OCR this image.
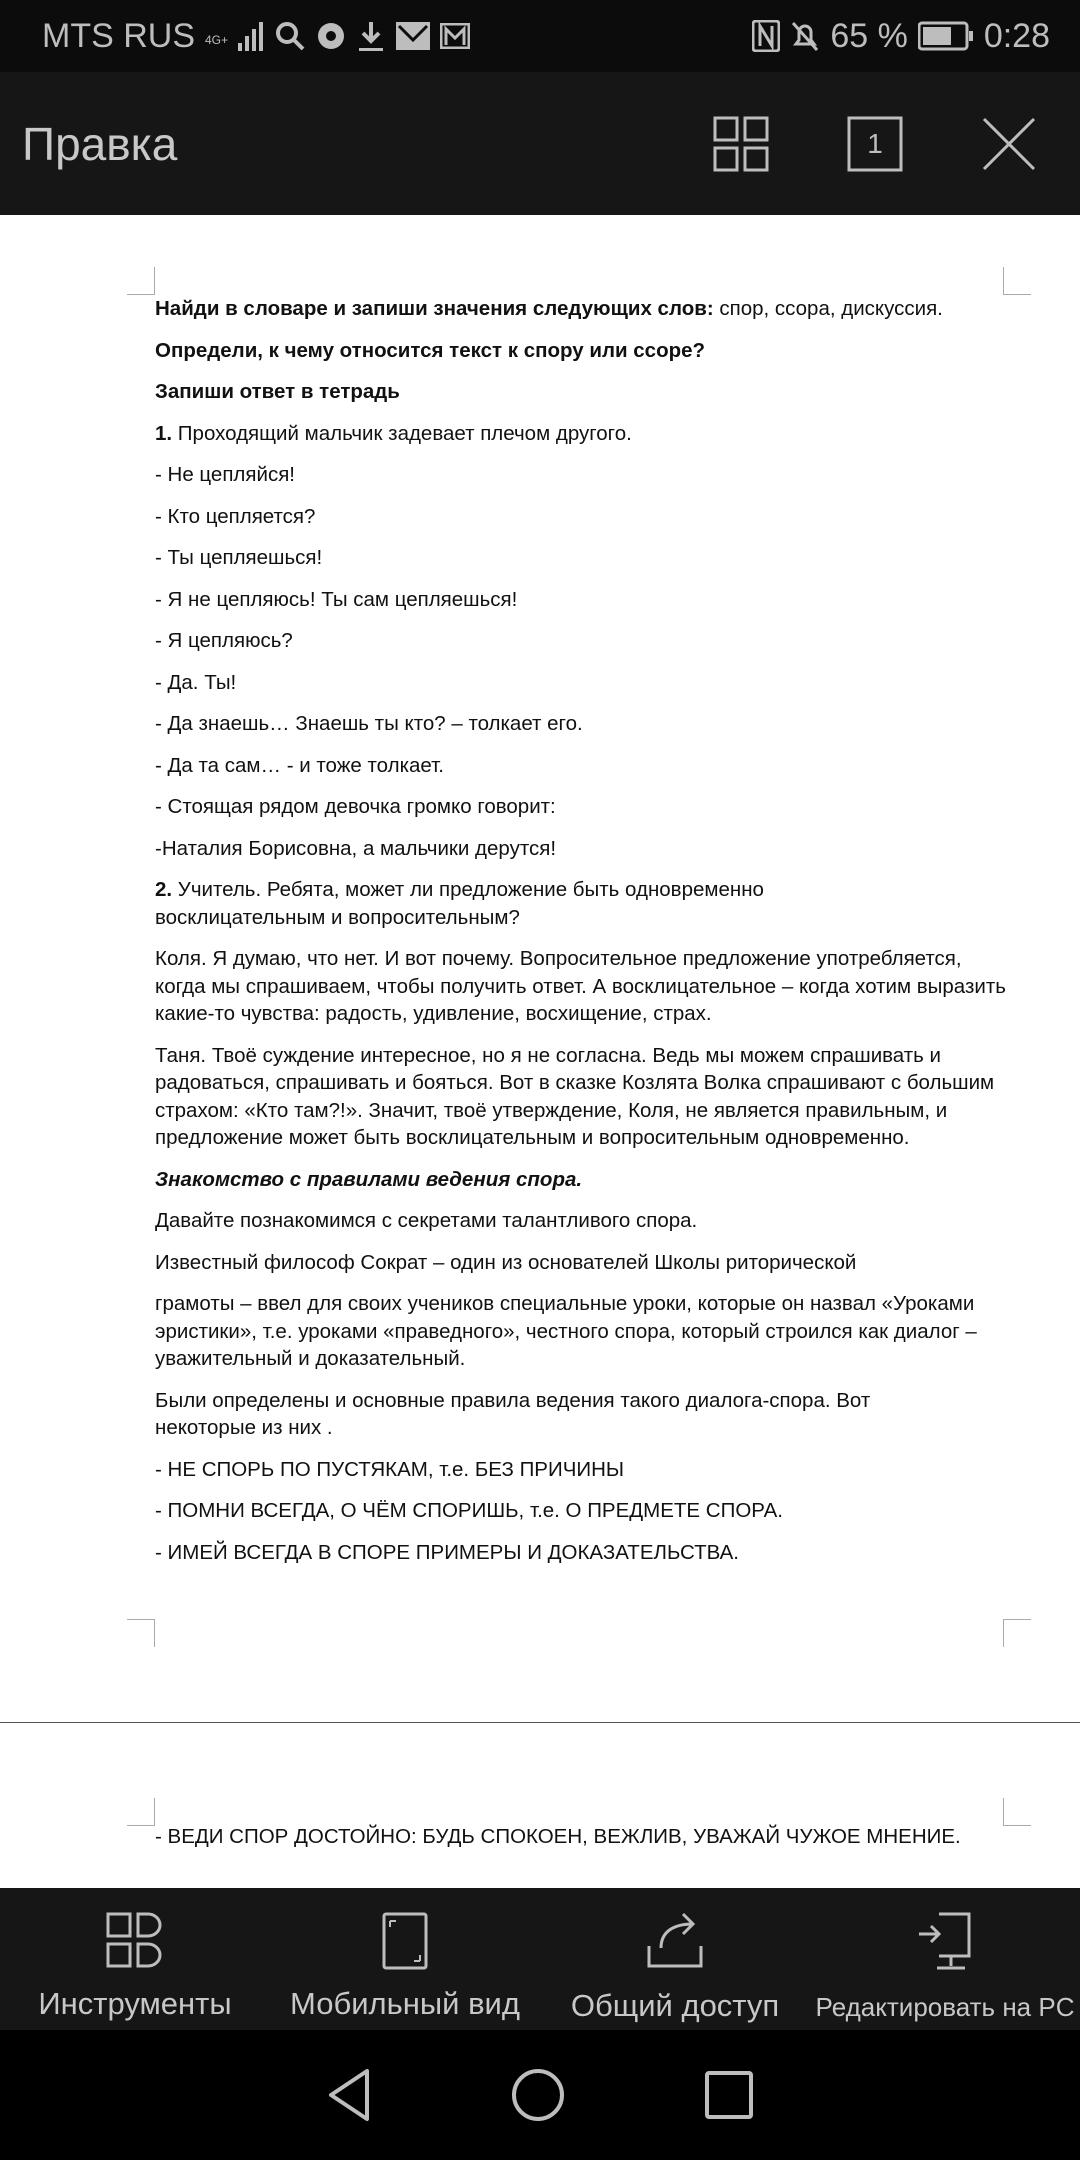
MTS RUS 4G+	65 % 0:28
Правка	1

Найди в словаре и запиши значения следующих слов: спор, ссора, дискуссия.

Определи, к чему относится текст к спору или ссоре?

Запиши ответ в тетрадь

1. Проходящий мальчик задевает плечом другого.

- Не цепляйся!

- Кто цепляется?

- Ты цепляешься!

- Я не цепляюсь! Ты сам цепляешься!

- Я цепляюсь?

- Да. Ты!

- Да знаешь… Знаешь ты кто? – толкает его.

- Да та сам… - и тоже толкает.

- Стоящая рядом девочка громко говорит:

-Наталия Борисовна, а мальчики дерутся!

2. Учитель. Ребята, может ли предложение быть одновременно восклицательным и вопросительным?

Коля. Я думаю, что нет. И вот почему. Вопросительное предложение употребляется, когда мы спрашиваем, чтобы получить ответ. А восклицательное – когда хотим выразить какие-то чувства: радость, удивление, восхищение, страх.

Таня. Твоё суждение интересное, но я не согласна. Ведь мы можем спрашивать и радоваться, спрашивать и бояться. Вот в сказке Козлята Волка спрашивают с большим страхом: «Кто там?!». Значит, твоё утверждение, Коля, не является правильным, и предложение может быть восклицательным и вопросительным одновременно.

Знакомство с правилами ведения спора.

Давайте познакомимся с секретами талантливого спора.

Известный философ Сократ – один из основателей Школы риторической

грамоты – ввел для своих учеников специальные уроки, которые он назвал «Уроками эристики», т.е. уроками «праведного», честного спора, который строился как диалог – уважительный и доказательный.

Были определены и основные правила ведения такого диалога-спора. Вот некоторые из них .

- НЕ СПОРЬ ПО ПУСТЯКАМ, т.е. БЕЗ ПРИЧИНЫ

- ПОМНИ ВСЕГДА, О ЧЁМ СПОРИШЬ, т.е. О ПРЕДМЕТЕ СПОРА.

- ИМЕЙ ВСЕГДА В СПОРЕ ПРИМЕРЫ И ДОКАЗАТЕЛЬСТВА.

- ВЕДИ СПОР ДОСТОЙНО: БУДЬ СПОКОЕН, ВЕЖЛИВ, УВАЖАЙ ЧУЖОЕ МНЕНИЕ.

Инструменты Мобильный вид Общий доступ Редактировать на PC
